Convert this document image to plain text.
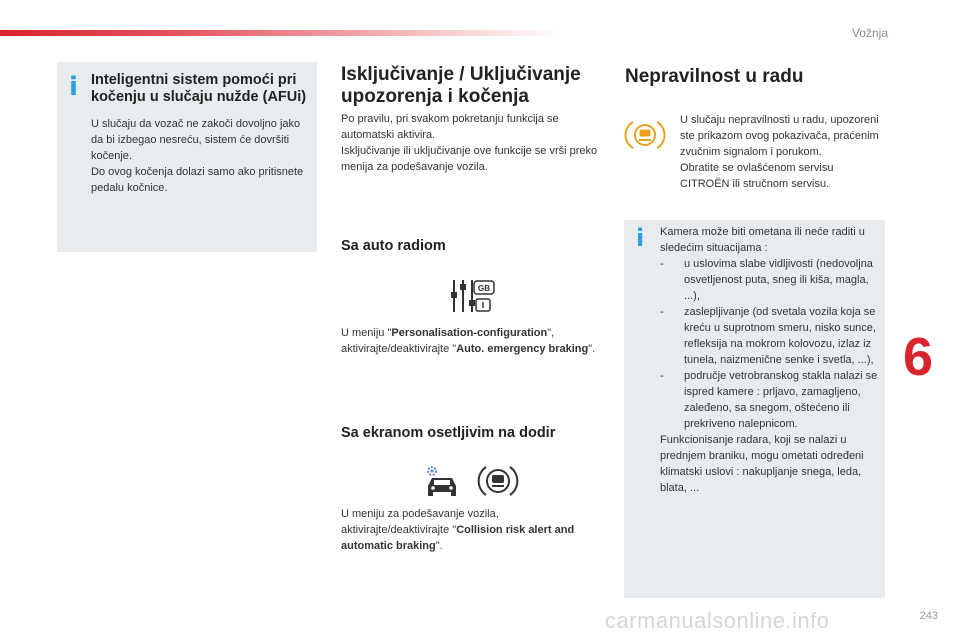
Vožnja
i Inteligentni sistem pomoći pri kočenju u slučaju nužde (AFUi)
U slučaju da vozač ne zakoči dovoljno jako da bi izbegao nesreću, sistem će dovršiti kočenje.
Do ovog kočenja dolazi samo ako pritisnete pedalu kočnice.
Isključivanje / Uključivanje upozorenja i kočenja
Po pravilu, pri svakom pokretanju funkcija se automatski aktivira.
Isključivanje ili uključivanje ove funkcije se vrši preko menija za podešavanje vozila.
Sa auto radiom
GB
U meniju "Personalisation-configuration", aktivirajte/deaktivirajte "Auto. emergency braking".
Sa ekranom osetljivim na dodir
U meniju za podešavanje vozila, aktivirajte/deaktivirajte "Collision risk alert and automatic braking".
Nepravilnost u radu
U slučaju nepravilnosti u radu, upozoreni ste prikazom ovog pokazivača, praćenim zvučnim signalom i porukom.
Obratite se ovlašćenom servisu CITROËN ili stručnom servisu.
i Kamera može biti ometana ili neće raditi u sledećim situacijama :
- u uslovima slabe vidljivosti (nedovoljna osvetljenost puta, sneg ili kiša, magla, ...),
- zaslepljivanje (od svetala vozila koja se kreću u suprotnom smeru, nisko sunce, refleksija na mokrom kolovozu, izlaz iz tunela, naizmenične senke i svetla, ...),
- područje vetrobranskog stakla nalazi se ispred kamere : prljavo, zamagljeno, zaleđeno, sa snegom, oštećeno ili prekriveno nalepnicom.
Funkcionisanje radara, koji se nalazi u prednjem braniku, mogu ometati određeni klimatski uslovi : nakupljanje snega, leda, blata, ...
6
carmanualsonline.info	243
